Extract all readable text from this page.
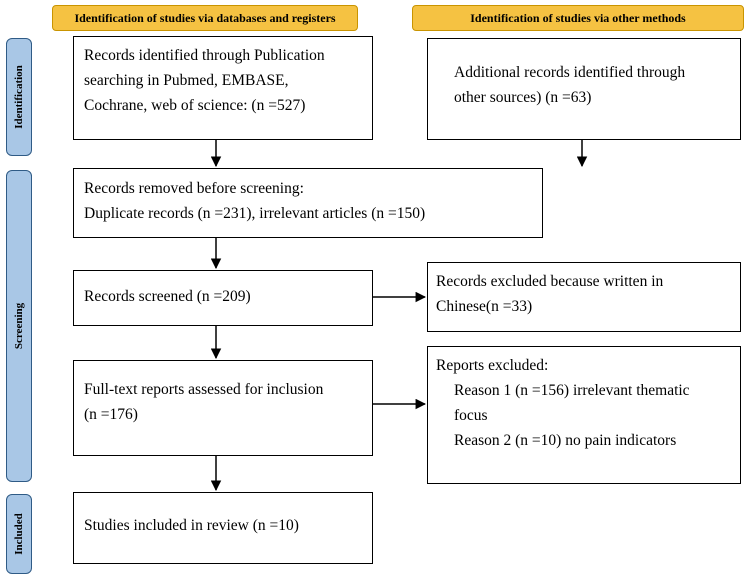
Identification of studies via databases and registers	Identification of studies via other methods
Identification
Screening
Included
Records identified through Publication
searching in Pubmed, EMBASE,
Cochrane, web of science: (n =527)
Additional records identified through
other sources) (n =63)
Records removed before screening:
Duplicate records (n =231), irrelevant articles (n =150)
Records screened (n =209)
Records excluded because written in
Chinese(n =33)
Full-text reports assessed for inclusion
(n =176)
Reports excluded:
Reason 1 (n =156) irrelevant thematic
focus
Reason 2 (n =10) no pain indicators
Studies included in review (n =10)
